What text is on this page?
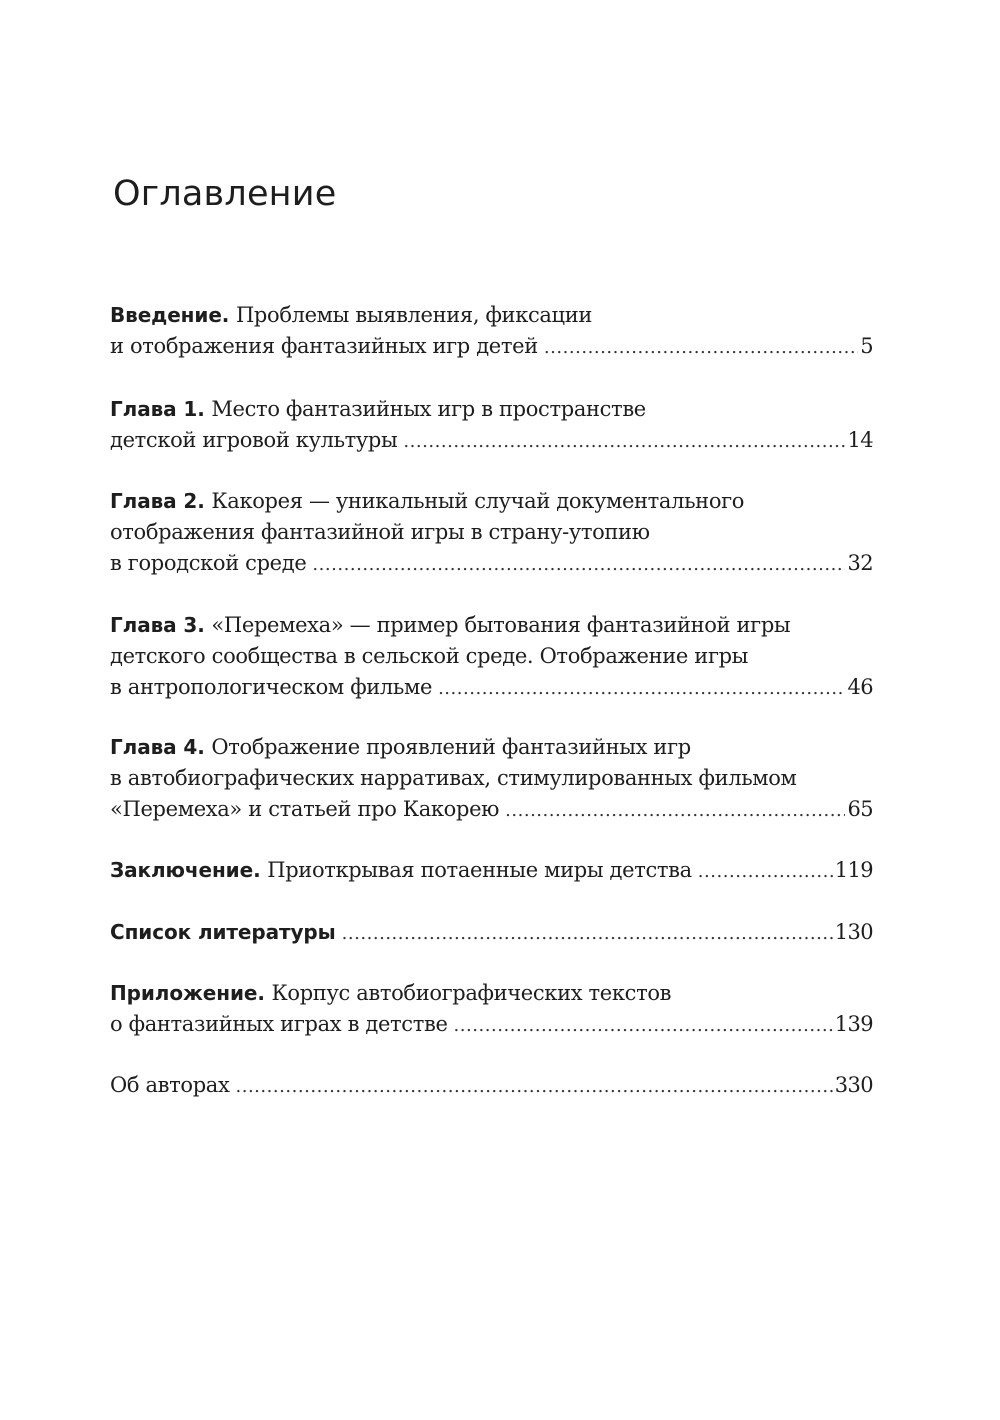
Оглавление
Введение.
Проблемы выявления, фиксации
и отображения фантазийных игр детей . . .	5
Глава 1.
Место фантазийных игр в пространстве
детской игровой культуры . . .	14
Глава 2.
Какорея — уникальный случай документального
отображения фантазийной игры в страну-утопию
в городской среде . . .	32
Глава 3.
«Перемеха» — пример бытования фантазийной игры
детского сообщества в сельской среде. Отображение игры
в антропологическом фильме . . .	46
Глава 4.
Отображение проявлений фантазийных игр
в автобиографических нарративах, стимулированных фильмом
«Перемеха» и статьей про Какорею . . .	65
Заключение.
Приоткрывая потаенные миры детства . . .	119
Список литературы . . .	130
Приложение.
Корпус автобиографических текстов
о фантазийных играх в детстве . . .	139
Об авторах . . .	330
